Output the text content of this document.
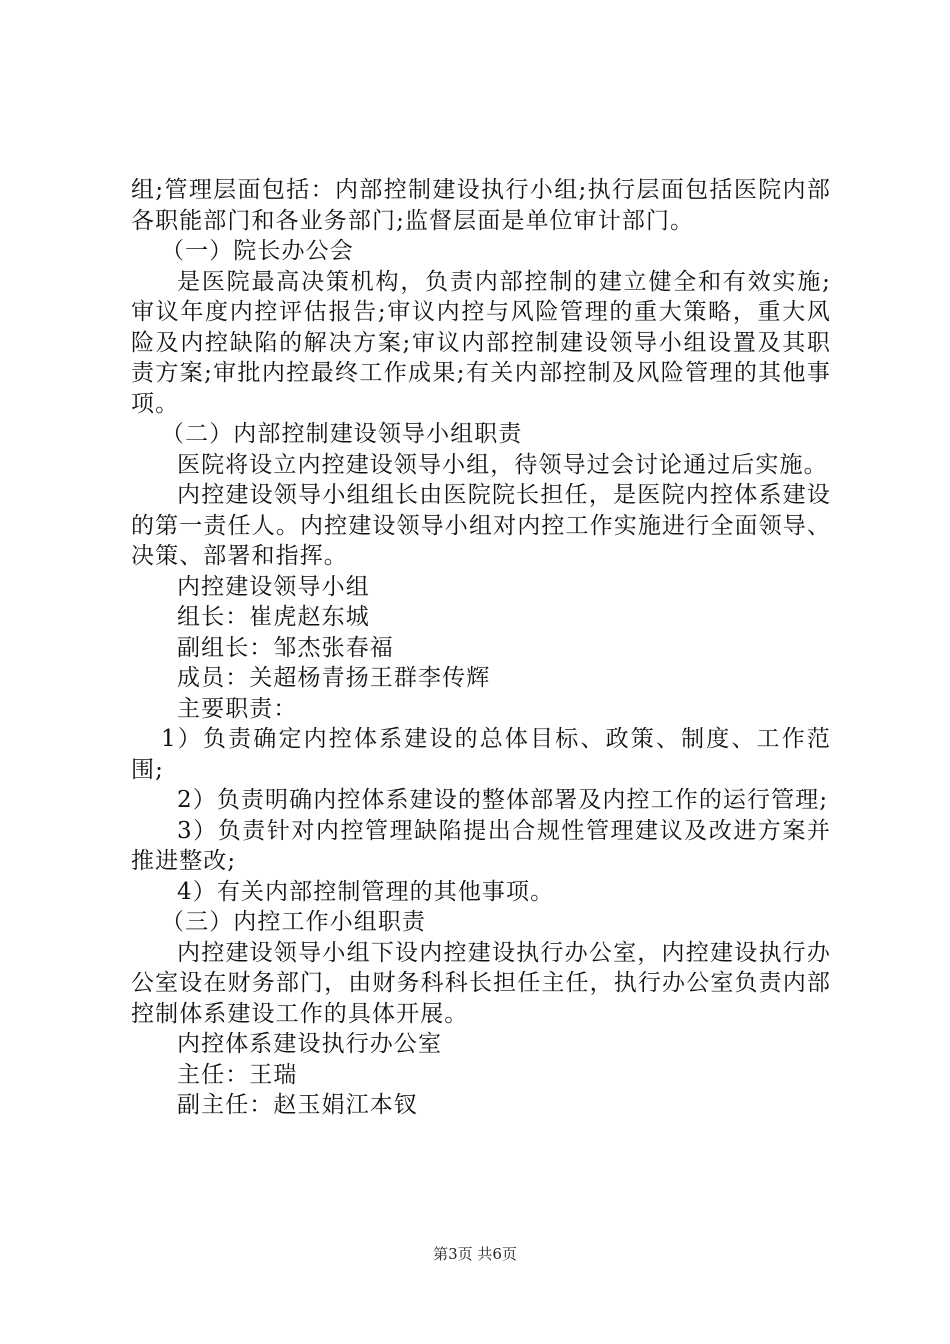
组;管理层面包括：内部控制建设执行小组;执行层面包括医院内部各职能部门和各业务部门;监督层面是单位审计部门。

（一）院长办公会

是医院最高决策机构，负责内部控制的建立健全和有效实施;审议年度内控评估报告;审议内控与风险管理的重大策略，重大风险及内控缺陷的解决方案;审议内部控制建设领导小组设置及其职责方案;审批内控最终工作成果;有关内部控制及风险管理的其他事项。

（二）内部控制建设领导小组职责

医院将设立内控建设领导小组，待领导过会讨论通过后实施。

内控建设领导小组组长由医院院长担任，是医院内控体系建设的第一责任人。内控建设领导小组对内控工作实施进行全面领导、决策、部署和指挥。

内控建设领导小组

组长：崔虎赵东城

副组长：邹杰张春福

成员：关超杨青扬王群李传辉

主要职责：

1）负责确定内控体系建设的总体目标、政策、制度、工作范围;

2）负责明确内控体系建设的整体部署及内控工作的运行管理;

3）负责针对内控管理缺陷提出合规性管理建议及改进方案并推进整改;

4）有关内部控制管理的其他事项。

（三）内控工作小组职责

内控建设领导小组下设内控建设执行办公室，内控建设执行办公室设在财务部门，由财务科科长担任主任，执行办公室负责内部控制体系建设工作的具体开展。

内控体系建设执行办公室

主任：王瑞

副主任：赵玉娟江本钗

第3页 共6页
